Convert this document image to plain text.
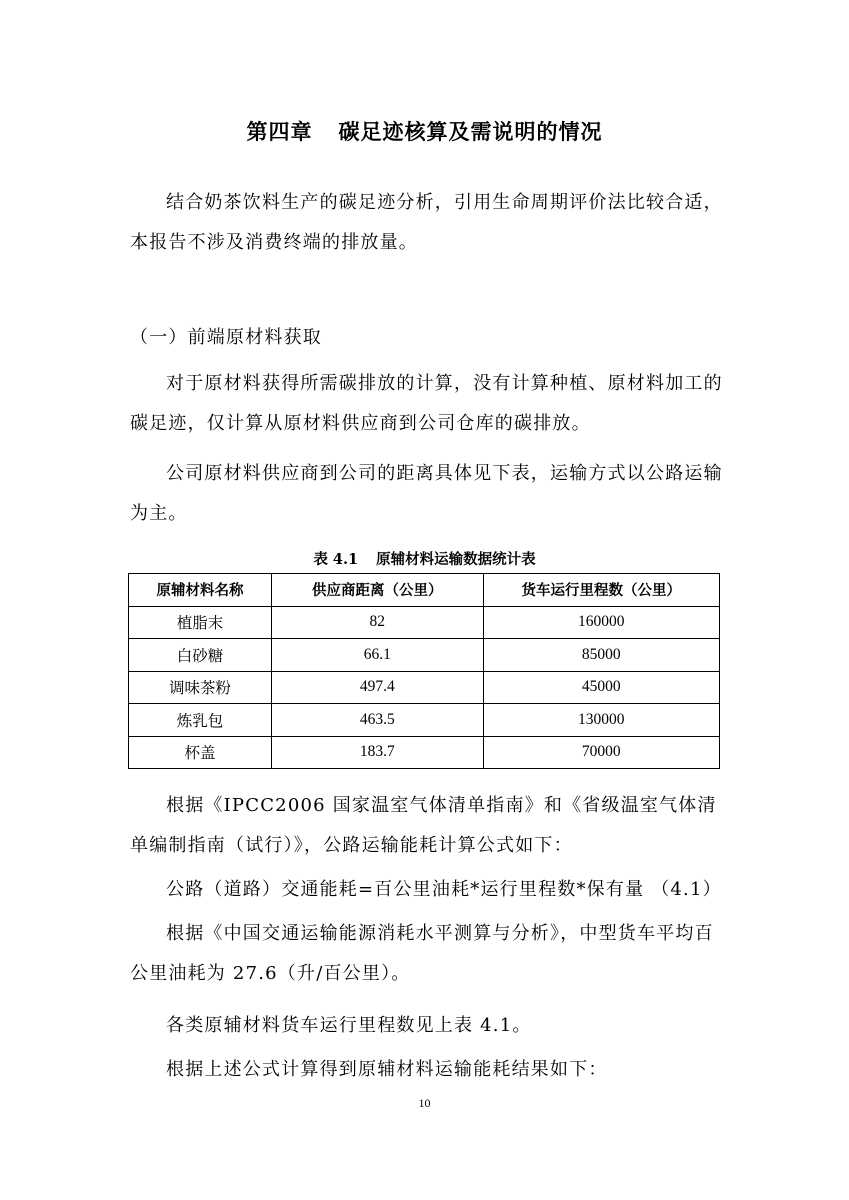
第四章 碳足迹核算及需说明的情况

结合奶茶饮料生产的碳足迹分析，引用生命周期评价法比较合适，本报告不涉及消费终端的排放量。

（一）前端原材料获取

对于原材料获得所需碳排放的计算，没有计算种植、原材料加工的碳足迹，仅计算从原材料供应商到公司仓库的碳排放。

公司原材料供应商到公司的距离具体见下表，运输方式以公路运输为主。

表 4.1 原辅材料运输数据统计表
原辅材料名称	供应商距离（公里）	货车运行里程数（公里）
植脂末	82	160000
白砂糖	66.1	85000
调味茶粉	497.4	45000
炼乳包	463.5	130000
杯盖	183.7	70000

根据《IPCC2006 国家温室气体清单指南》和《省级温室气体清单编制指南（试行）》，公路运输能耗计算公式如下：

公路（道路）交通能耗=百公里油耗*运行里程数*保有量 （4.1）

根据《中国交通运输能源消耗水平测算与分析》，中型货车平均百公里油耗为 27.6（升/百公里）。

各类原辅材料货车运行里程数见上表 4.1。

根据上述公式计算得到原辅材料运输能耗结果如下：

10
